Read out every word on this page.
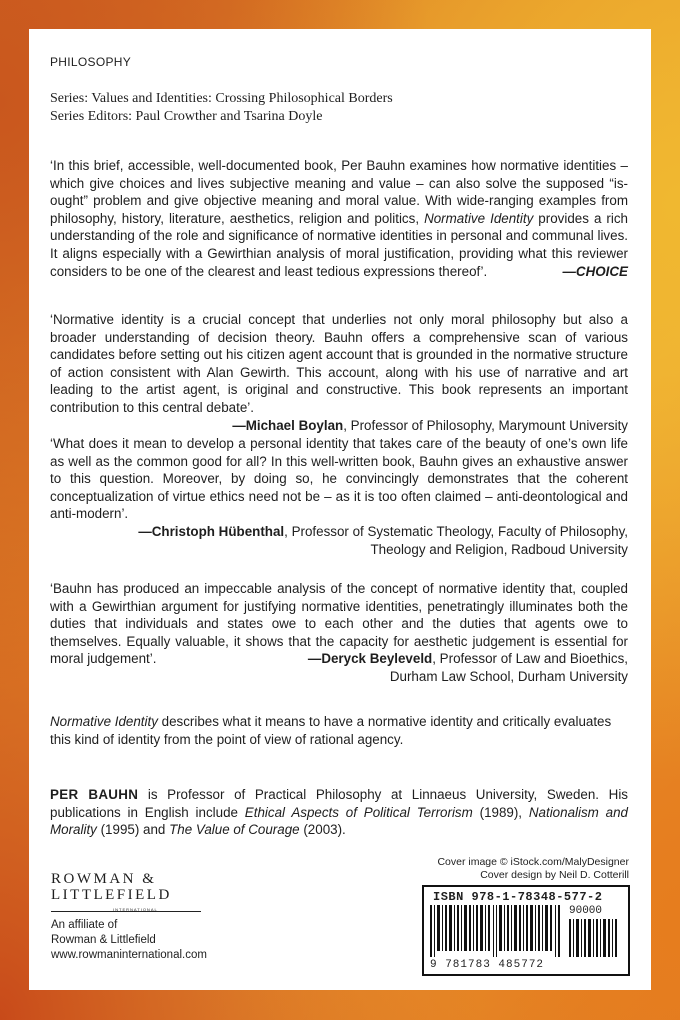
PHILOSOPHY
Series: Values and Identities: Crossing Philosophical Borders
Series Editors: Paul Crowther and Tsarina Doyle

‘In this brief, accessible, well-documented book, Per Bauhn examines how normative identities – which give choices and lives subjective meaning and value – can also solve the supposed “is-ought” problem and give objective meaning and moral value. With wide-ranging examples from philosophy, history, literature, aesthetics, religion and politics, Normative Identity provides a rich understanding of the role and significance of normative identities in personal and communal lives. It aligns especially with a Gewirthian analysis of moral justification, providing what this reviewer considers to be one of the clearest and least tedious expressions thereof’.	—CHOICE

‘Normative identity is a crucial concept that underlies not only moral philosophy but also a broader understanding of decision theory. Bauhn offers a comprehensive scan of various candidates before setting out his citizen agent account that is grounded in the normative structure of action consistent with Alan Gewirth. This account, along with his use of narrative and art leading to the artist agent, is original and constructive. This book represents an important contribution to this central debate’.

—Michael Boylan, Professor of Philosophy, Marymount University

‘What does it mean to develop a personal identity that takes care of the beauty of one’s own life as well as the common good for all? In this well-written book, Bauhn gives an exhaustive answer to this question. Moreover, by doing so, he convincingly demonstrates that the coherent conceptualization of virtue ethics need not be – as it is too often claimed – anti-deontological and anti-modern’.

—Christoph Hübenthal, Professor of Systematic Theology, Faculty of Philosophy,

Theology and Religion, Radboud University

‘Bauhn has produced an impeccable analysis of the concept of normative identity that, coupled with a Gewirthian argument for justifying normative identities, penetratingly illuminates both the duties that individuals and states owe to each other and the duties that agents owe to themselves. Equally valuable, it shows that the capacity for aesthetic judgement is essential for moral judgement’.	—Deryck Beyleveld, Professor of Law and Bioethics,

Durham Law School, Durham University

Normative Identity describes what it means to have a normative identity and critically evaluates this kind of identity from the point of view of rational agency.
PER BAUHN is Professor of Practical Philosophy at Linnaeus University, Sweden. His publications in English include Ethical Aspects of Political Terrorism (1989), Nationalism and Morality (1995) and The Value of Courage (2003).
ROWMAN &
LITTLEFIELD
INTERNATIONAL
An affiliate of
Rowman & Littlefield
www.rowmaninternational.com
Cover image © iStock.com/MalyDesigner
Cover design by Neil D. Cotterill
ISBN 978-1-78348-577-2
90000
9 781783 485772
